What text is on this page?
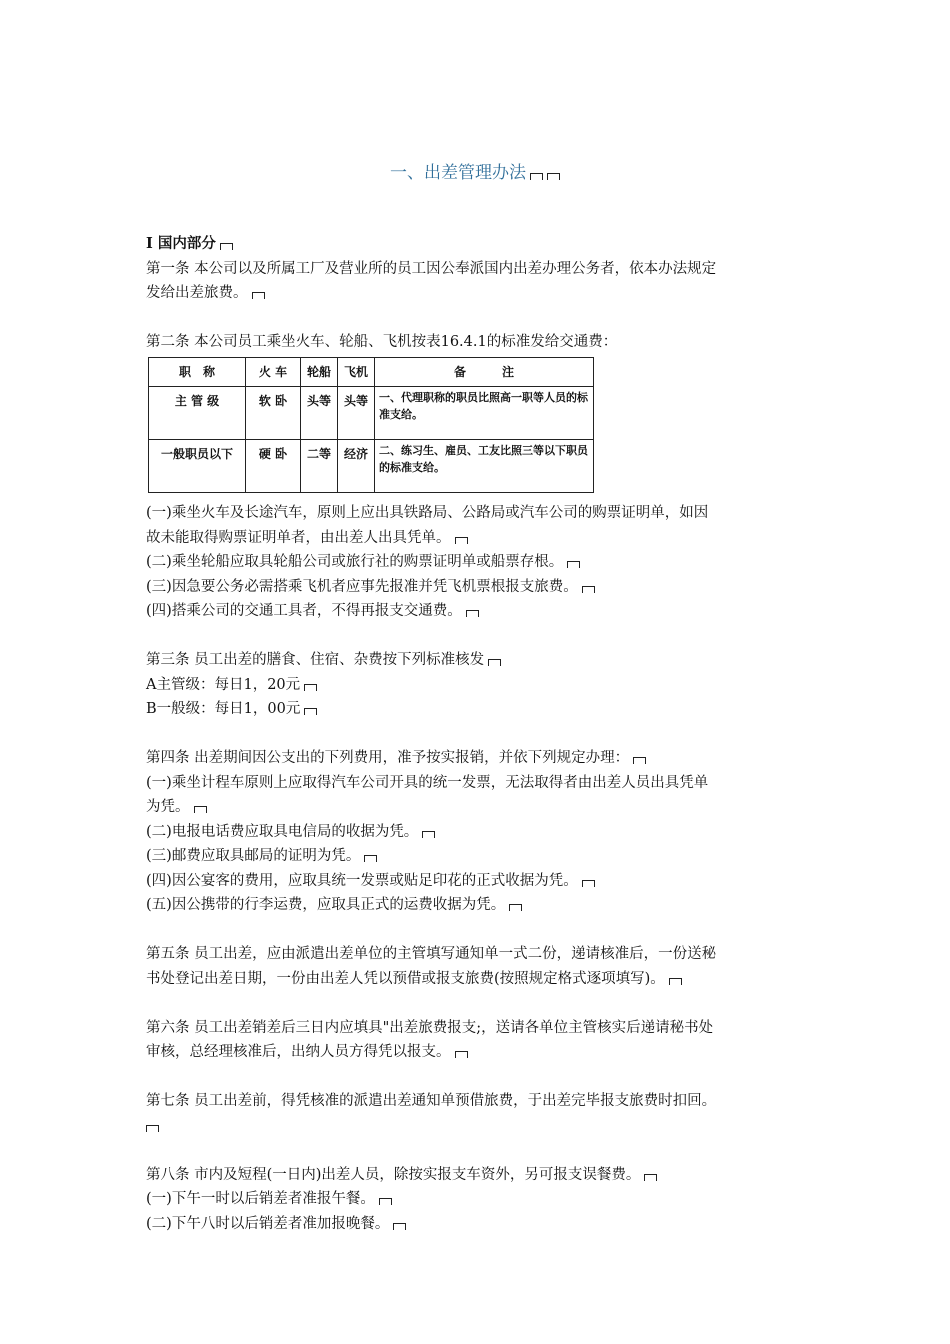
一、出差管理办法
Ⅰ 国内部分
第一条 本公司以及所属工厂及营业所的员工因公奉派国内出差办理公务者，依本办法规定
发给出差旅费。
第二条 本公司员工乘坐火车、轮船、飞机按表16.4.1的标准发给交通费：
职　称	火 车	轮船	飞机	备　　　注
主 管 级	软 卧	头等	头等	一、代理职称的职员比照高一职等人员的标准支给。
一般职员以下	硬 卧	二等	经济	二、练习生、雇员、工友比照三等以下职员的标准支给。
(一)乘坐火车及长途汽车，原则上应出具铁路局、公路局或汽车公司的购票证明单，如因
故未能取得购票证明单者，由出差人出具凭单。
(二)乘坐轮船应取具轮船公司或旅行社的购票证明单或船票存根。
(三)因急要公务必需搭乘飞机者应事先报准并凭飞机票根报支旅费。
(四)搭乘公司的交通工具者，不得再报支交通费。
第三条 员工出差的膳食、住宿、杂费按下列标准核发
A主管级：每日1，20元
B一般级：每日1，00元
第四条 出差期间因公支出的下列费用，准予按实报销，并依下列规定办理：
(一)乘坐计程车原则上应取得汽车公司开具的统一发票，无法取得者由出差人员出具凭单
为凭。
(二)电报电话费应取具电信局的收据为凭。
(三)邮费应取具邮局的证明为凭。
(四)因公宴客的费用，应取具统一发票或贴足印花的正式收据为凭。
(五)因公携带的行李运费，应取具正式的运费收据为凭。
第五条 员工出差，应由派遣出差单位的主管填写通知单一式二份，递请核准后，一份送秘
书处登记出差日期，一份由出差人凭以预借或报支旅费(按照规定格式逐项填写)。
第六条 员工出差销差后三日内应填具"出差旅费报支;，送请各单位主管核实后递请秘书处
审核，总经理核准后，出纳人员方得凭以报支。
第七条 员工出差前，得凭核准的派遣出差通知单预借旅费，于出差完毕报支旅费时扣回。
第八条 市内及短程(一日内)出差人员，除按实报支车资外，另可报支误餐费。
(一)下午一时以后销差者准报午餐。
(二)下午八时以后销差者准加报晚餐。
